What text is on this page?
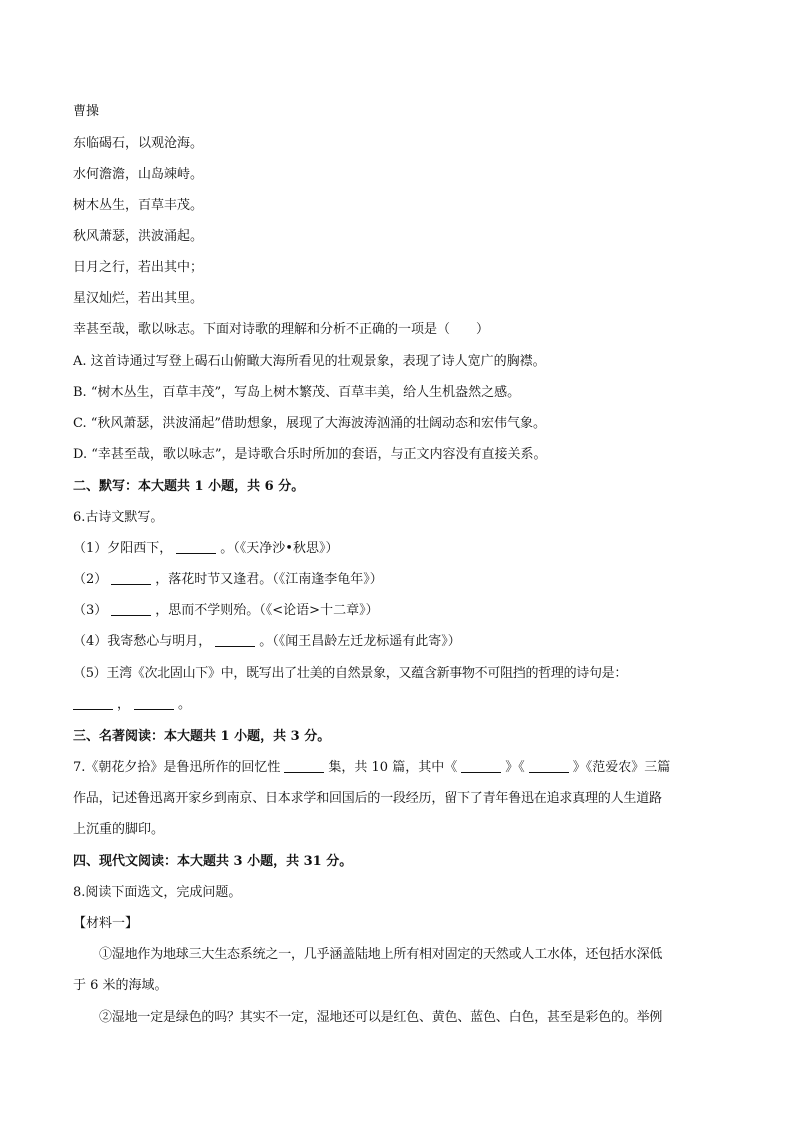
曹操
东临碣石，以观沧海。
水何澹澹，山岛竦峙。
树木丛生，百草丰茂。
秋风萧瑟，洪波涌起。
日月之行，若出其中；
星汉灿烂，若出其里。
幸甚至哉，歌以咏志。下面对诗歌的理解和分析不正确的一项是（　　）
A. 这首诗通过写登上碣石山俯瞰大海所看见的壮观景象，表现了诗人宽广的胸襟。
B. “树木丛生，百草丰茂”，写岛上树木繁茂、百草丰美，给人生机盎然之感。
C. “秋风萧瑟，洪波涌起”借助想象，展现了大海波涛汹涌的壮阔动态和宏伟气象。
D. “幸甚至哉，歌以咏志”，是诗歌合乐时所加的套语，与正文内容没有直接关系。
二、默写：本大题共 1 小题，共 6 分。
6.古诗文默写。
（1）夕阳西下，	。（《天净沙•秋思》）
（2）	，落花时节又逢君。（《江南逢李龟年》）
（3）	，思而不学则殆。（《<论语>十二章》）
（4）我寄愁心与明月，	。（《闻王昌龄左迁龙标遥有此寄》）
（5）王湾《次北固山下》中，既写出了壮美的自然景象，又蕴含新事物不可阻挡的哲理的诗句是：
，	。
三、名著阅读：本大题共 1 小题，共 3 分。
7.《朝花夕拾》是鲁迅所作的回忆性	集，共 10 篇，其中《	》《	》《范爱农》三篇
作品，记述鲁迅离开家乡到南京、日本求学和回国后的一段经历，留下了青年鲁迅在追求真理的人生道路
上沉重的脚印。
四、现代文阅读：本大题共 3 小题，共 31 分。
8.阅读下面选文，完成问题。
【材料一】
①湿地作为地球三大生态系统之一，几乎涵盖陆地上所有相对固定的天然或人工水体，还包括水深低
于 6 米的海域。
②湿地一定是绿色的吗？其实不一定，湿地还可以是红色、黄色、蓝色、白色，甚至是彩色的。举例
